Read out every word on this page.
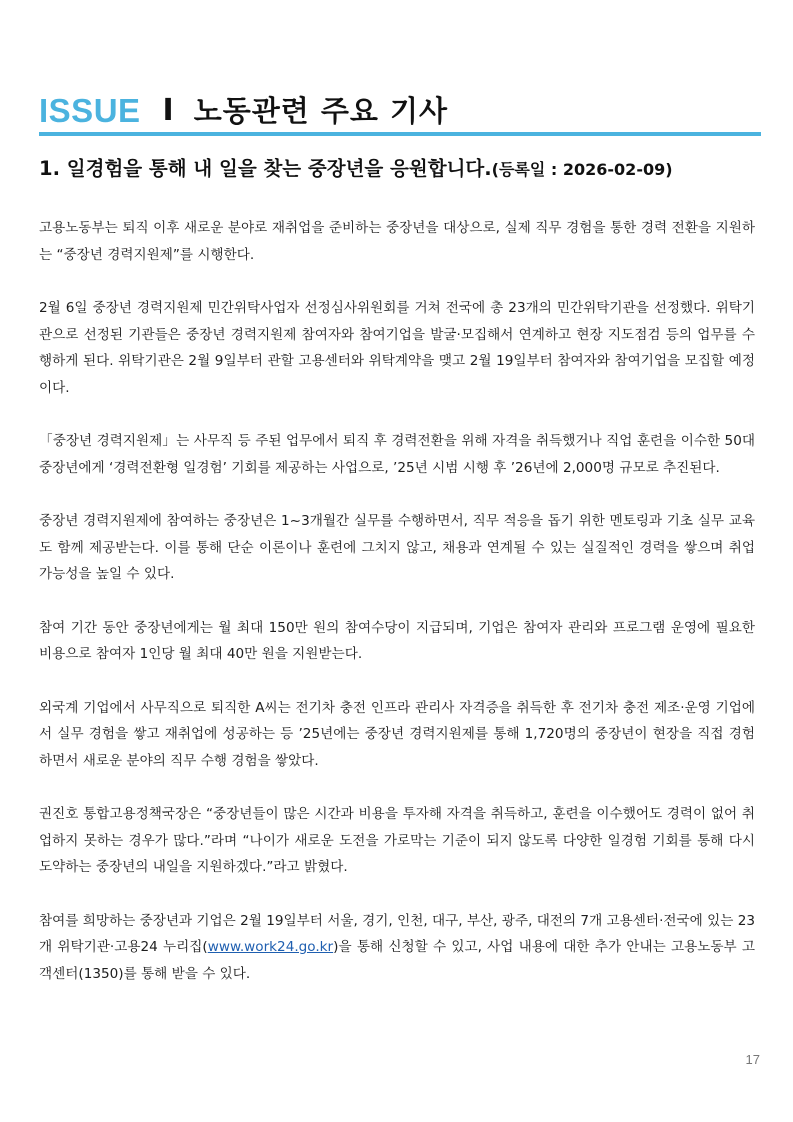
ISSUE I 노동관련 주요 기사
1. 일경험을 통해 내 일을 찾는 중장년을 응원합니다.(등록일 : 2026-02-09)

고용노동부는 퇴직 이후 새로운 분야로 재취업을 준비하는 중장년을 대상으로, 실제 직무 경험을 통한 경력 전환을 지원하는 “중장년 경력지원제”를 시행한다.

2월 6일 중장년 경력지원제 민간위탁사업자 선정심사위원회를 거쳐 전국에 총 23개의 민간위탁기관을 선정했다. 위탁기관으로 선정된 기관들은 중장년 경력지원제 참여자와 참여기업을 발굴·모집해서 연계하고 현장 지도점검 등의 업무를 수행하게 된다. 위탁기관은 2월 9일부터 관할 고용센터와 위탁계약을 맺고 2월 19일부터 참여자와 참여기업을 모집할 예정이다.

「중장년 경력지원제」는 사무직 등 주된 업무에서 퇴직 후 경력전환을 위해 자격을 취득했거나 직업 훈련을 이수한 50대 중장년에게 ‘경력전환형 일경험’ 기회를 제공하는 사업으로, ’25년 시범 시행 후 ’26년에 2,000명 규모로 추진된다.

중장년 경력지원제에 참여하는 중장년은 1~3개월간 실무를 수행하면서, 직무 적응을 돕기 위한 멘토링과 기초 실무 교육도 함께 제공받는다. 이를 통해 단순 이론이나 훈련에 그치지 않고, 채용과 연계될 수 있는 실질적인 경력을 쌓으며 취업 가능성을 높일 수 있다.

참여 기간 동안 중장년에게는 월 최대 150만 원의 참여수당이 지급되며, 기업은 참여자 관리와 프로그램 운영에 필요한 비용으로 참여자 1인당 월 최대 40만 원을 지원받는다.

외국계 기업에서 사무직으로 퇴직한 A씨는 전기차 충전 인프라 관리사 자격증을 취득한 후 전기차 충전 제조·운영 기업에서 실무 경험을 쌓고 재취업에 성공하는 등 ’25년에는 중장년 경력지원제를 통해 1,720명의 중장년이 현장을 직접 경험하면서 새로운 분야의 직무 수행 경험을 쌓았다.

권진호 통합고용정책국장은 “중장년들이 많은 시간과 비용을 투자해 자격을 취득하고, 훈련을 이수했어도 경력이 없어 취업하지 못하는 경우가 많다.”라며 “나이가 새로운 도전을 가로막는 기준이 되지 않도록 다양한 일경험 기회를 통해 다시 도약하는 중장년의 내일을 지원하겠다.”라고 밝혔다.

참여를 희망하는 중장년과 기업은 2월 19일부터 서울, 경기, 인천, 대구, 부산, 광주, 대전의 7개 고용센터·전국에 있는 23개 위탁기관·고용24 누리집(www.work24.go.kr)을 통해 신청할 수 있고, 사업 내용에 대한 추가 안내는 고용노동부 고객센터(1350)를 통해 받을 수 있다.

17
